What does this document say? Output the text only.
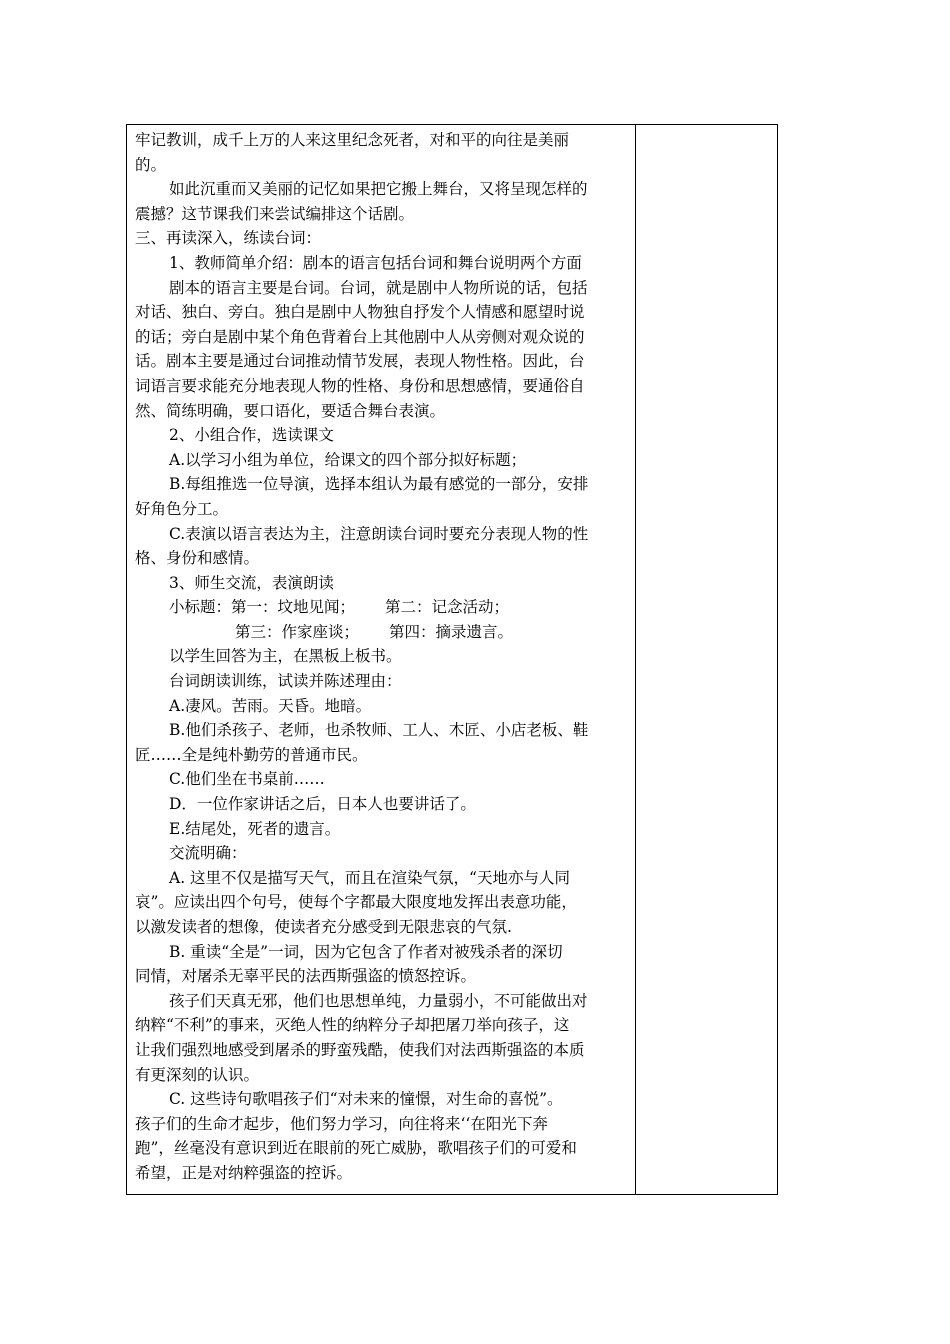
牢记教训，成千上万的人来这里纪念死者，对和平的向往是美丽
的。
如此沉重而又美丽的记忆如果把它搬上舞台，又将呈现怎样的
震撼？这节课我们来尝试编排这个话剧。
三、再读深入，练读台词：
1、教师简单介绍：剧本的语言包括台词和舞台说明两个方面
剧本的语言主要是台词。台词，就是剧中人物所说的话，包括
对话、独白、旁白。独白是剧中人物独自抒发个人情感和愿望时说
的话；旁白是剧中某个角色背着台上其他剧中人从旁侧对观众说的
话。剧本主要是通过台词推动情节发展，表现人物性格。因此，台
词语言要求能充分地表现人物的性格、身份和思想感情，要通俗自
然、简练明确，要口语化，要适合舞台表演。
2、小组合作，选读课文
A.以学习小组为单位，给课文的四个部分拟好标题；
B.每组推选一位导演，选择本组认为最有感觉的一部分，安排
好角色分工。
C.表演以语言表达为主，注意朗读台词时要充分表现人物的性
格、身份和感情。
3、师生交流，表演朗读
小标题：第一：坟地见闻； 第二：记念活动；
第三：作家座谈； 第四：摘录遗言。
以学生回答为主，在黑板上板书。
台词朗读训练，试读并陈述理由：
A.凄风。苦雨。天昏。地暗。
B.他们杀孩子、老师，也杀牧师、工人、木匠、小店老板、鞋
匠……全是纯朴勤劳的普通市民。
C.他们坐在书桌前……
D．一位作家讲话之后，日本人也要讲话了。
E.结尾处，死者的遗言。
交流明确：
A. 这里不仅是描写天气，而且在渲染气氛，“天地亦与人同
哀”。应读出四个句号，使每个字都最大限度地发挥出表意功能，
以激发读者的想像，使读者充分感受到无限悲哀的气氛.
B. 重读“全是”一词，因为它包含了作者对被残杀者的深切
同情，对屠杀无辜平民的法西斯强盗的愤怒控诉。
孩子们天真无邪，他们也思想单纯，力量弱小，不可能做出对
纳粹“不利”的事来，灭绝人性的纳粹分子却把屠刀举向孩子，这
让我们强烈地感受到屠杀的野蛮残酷，使我们对法西斯强盗的本质
有更深刻的认识。
C. 这些诗句歌唱孩子们“对未来的憧憬，对生命的喜悦”。
孩子们的生命才起步，他们努力学习，向往将来‘‘在阳光下奔
跑”，丝毫没有意识到近在眼前的死亡威胁，歌唱孩子们的可爱和
希望，正是对纳粹强盗的控诉。
